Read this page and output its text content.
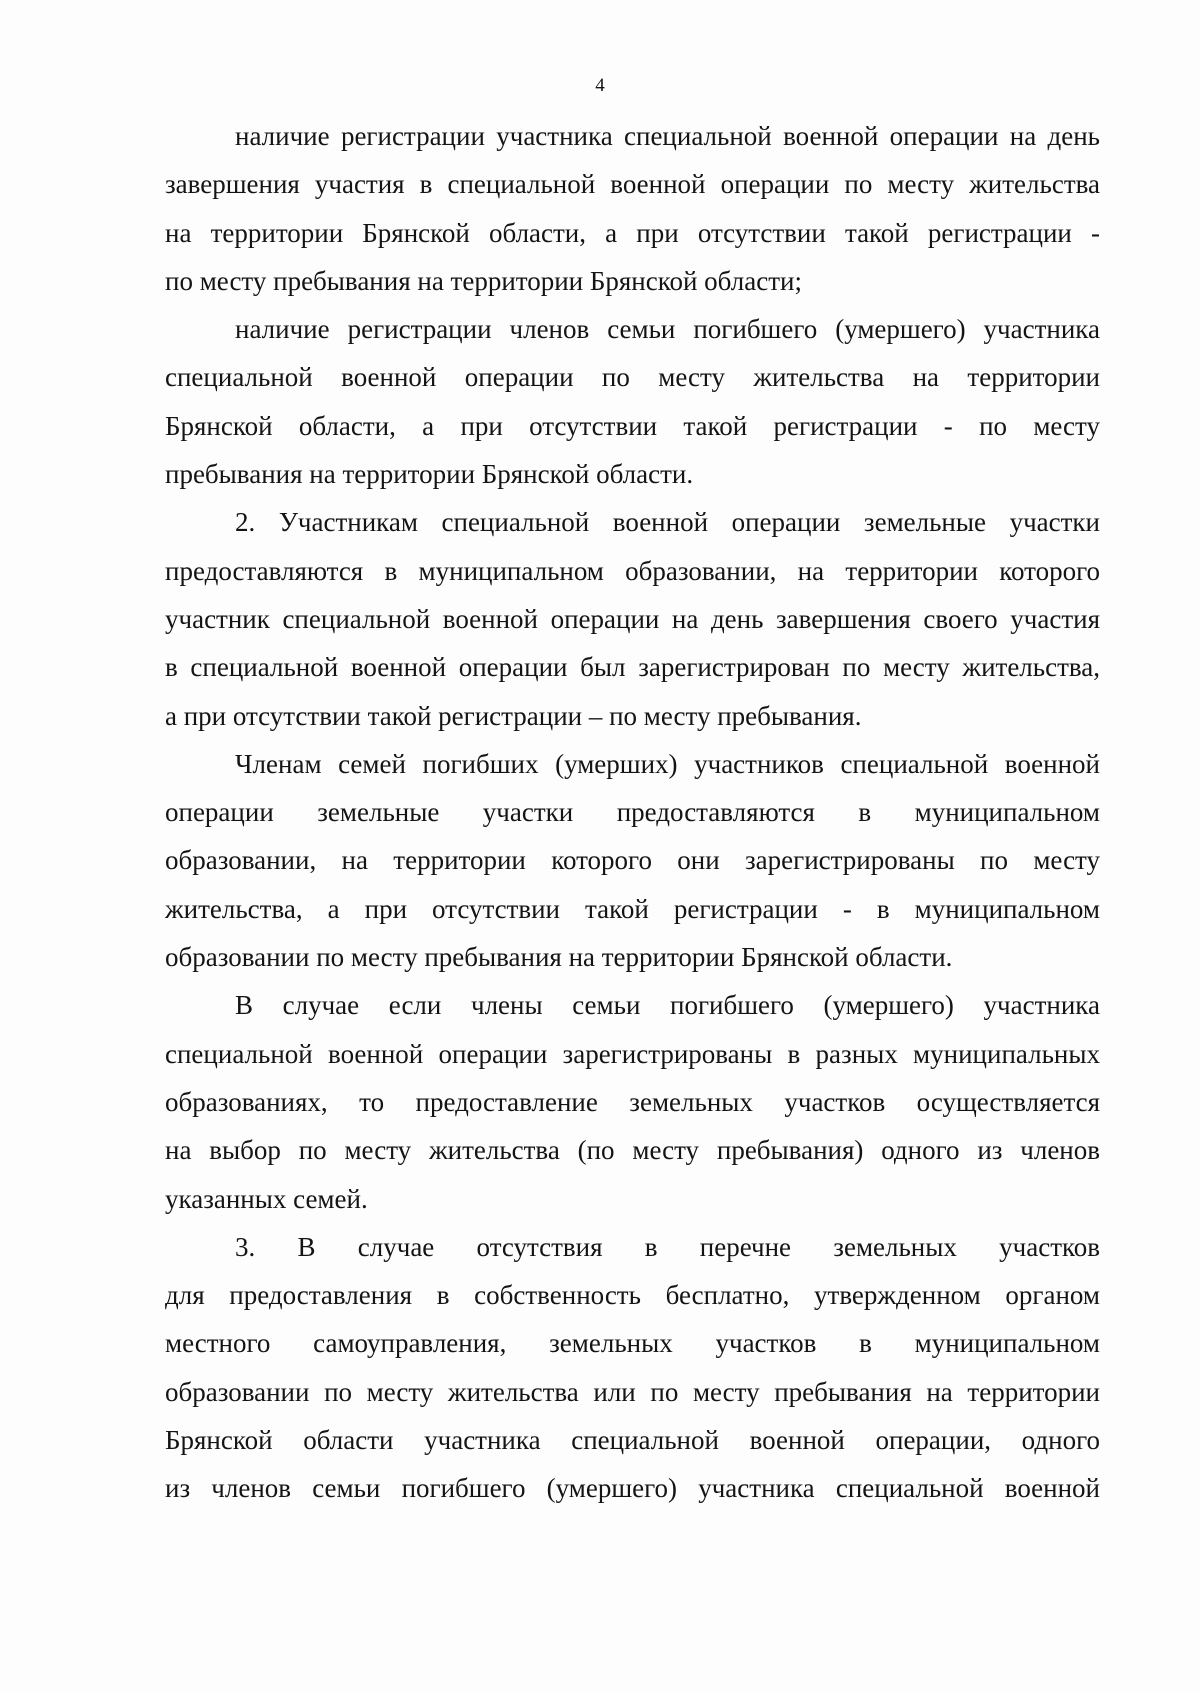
4
наличие регистрации участника специальной военной операции на день
завершения участия в специальной военной операции по месту жительства
на территории Брянской области, а при отсутствии такой регистрации -
по месту пребывания на территории Брянской области;
наличие регистрации членов семьи погибшего (умершего) участника
специальной военной операции по месту жительства на территории
Брянской области, а при отсутствии такой регистрации - по месту
пребывания на территории Брянской области.
2. Участникам специальной военной операции земельные участки
предоставляются в муниципальном образовании, на территории которого
участник специальной военной операции на день завершения своего участия
в специальной военной операции был зарегистрирован по месту жительства,
а при отсутствии такой регистрации – по месту пребывания.
Членам семей погибших (умерших) участников специальной военной
операции земельные участки предоставляются в муниципальном
образовании, на территории которого они зарегистрированы по месту
жительства, а при отсутствии такой регистрации - в муниципальном
образовании по месту пребывания на территории Брянской области.
В случае если члены семьи погибшего (умершего) участника
специальной военной операции зарегистрированы в разных муниципальных
образованиях, то предоставление земельных участков осуществляется
на выбор по месту жительства (по месту пребывания) одного из членов
указанных семей.
3. В случае отсутствия в перечне земельных участков
для предоставления в собственность бесплатно, утвержденном органом
местного самоуправления, земельных участков в муниципальном
образовании по месту жительства или по месту пребывания на территории
Брянской области участника специальной военной операции, одного
из членов семьи погибшего (умершего) участника специальной военной
